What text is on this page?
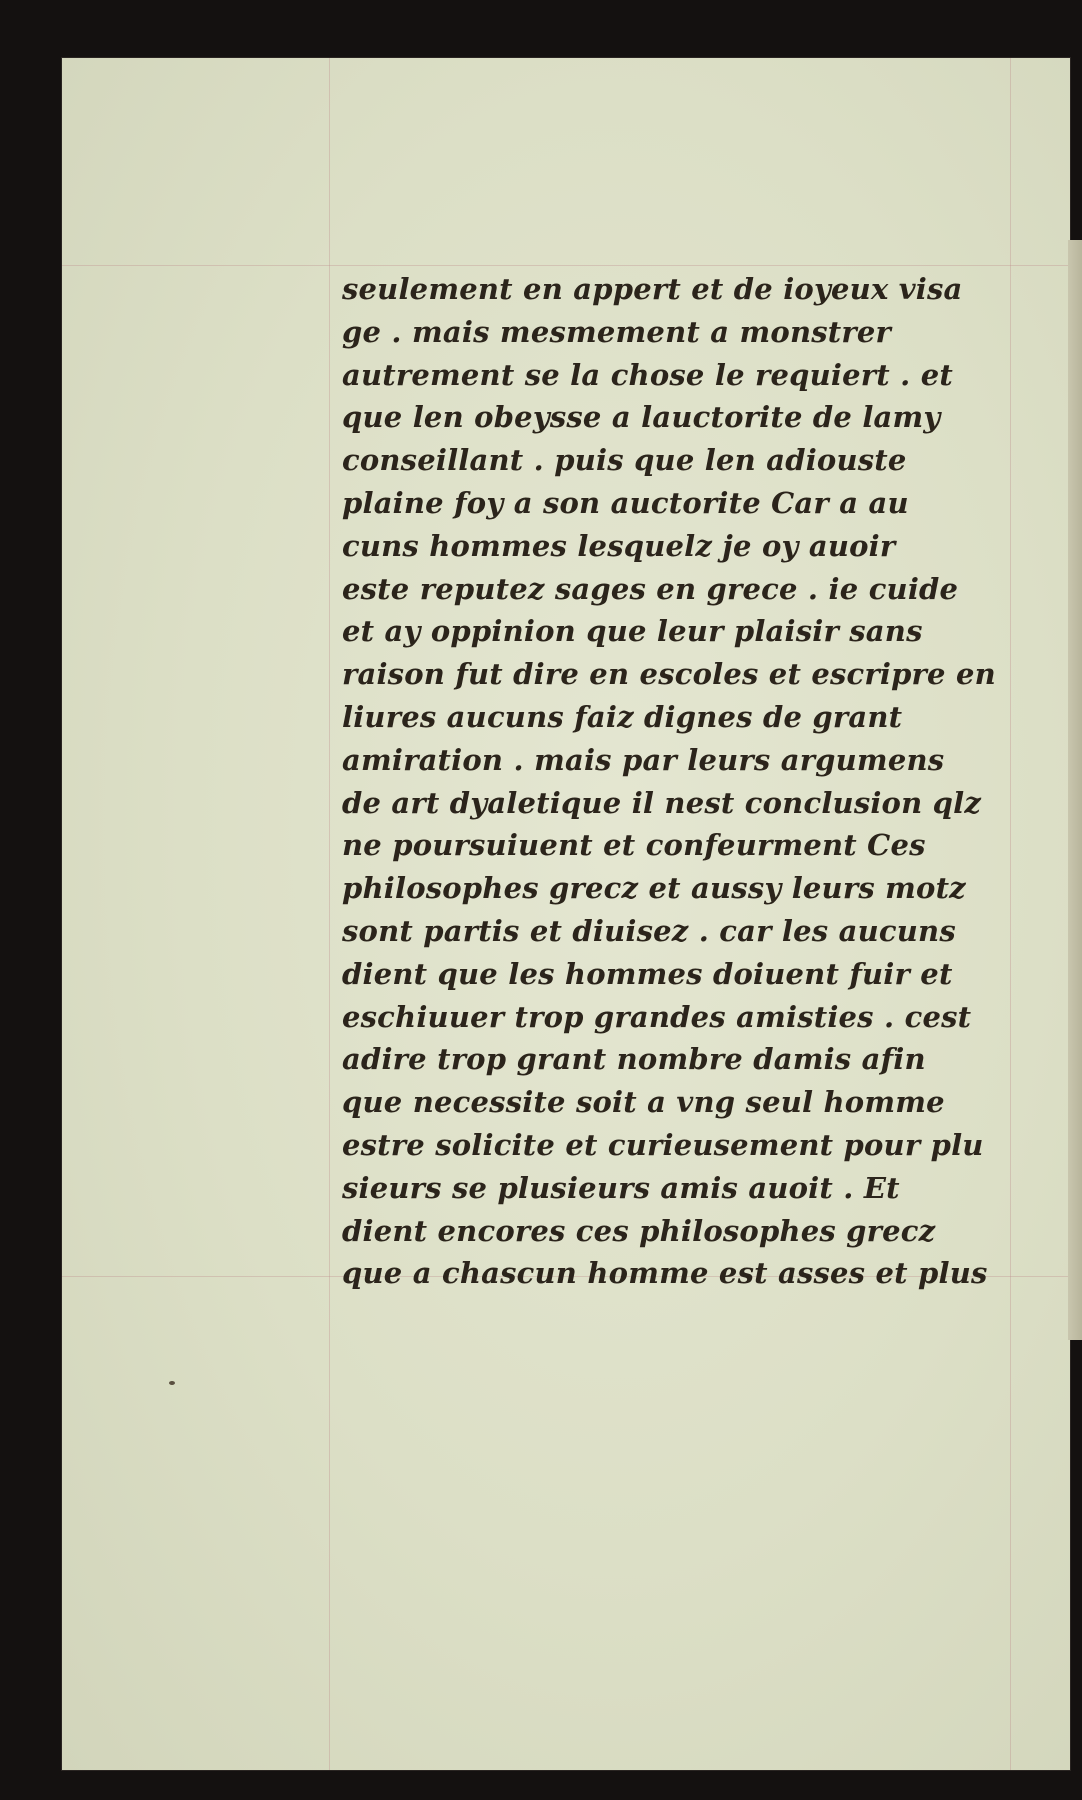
seulement en appert et de ioyeux visa
ge . mais mesmement a monstrer
autrement se la chose le requiert . et
que len obeysse a lauctorite de lamy
conseillant . puis que len adiouste
plaine foy a son auctorite Car a au
cuns hommes lesquelz je oy auoir
este reputez sages en grece . ie cuide
et ay oppinion que leur plaisir sans
raison fut dire en escoles et escripre en
liures aucuns faiz dignes de grant
amiration . mais par leurs argumens
de art dyaletique il nest conclusion qlz
ne poursuiuent et confeurment Ces
philosophes grecz et aussy leurs motz
sont partis et diuisez . car les aucuns
dient que les hommes doiuent fuir et
eschiuuer trop grandes amisties . cest
adire trop grant nombre damis afin
que necessite soit a vng seul homme
estre solicite et curieusement pour plu
sieurs se plusieurs amis auoit . Et
dient encores ces philosophes grecz
que a chascun homme est asses et plus
